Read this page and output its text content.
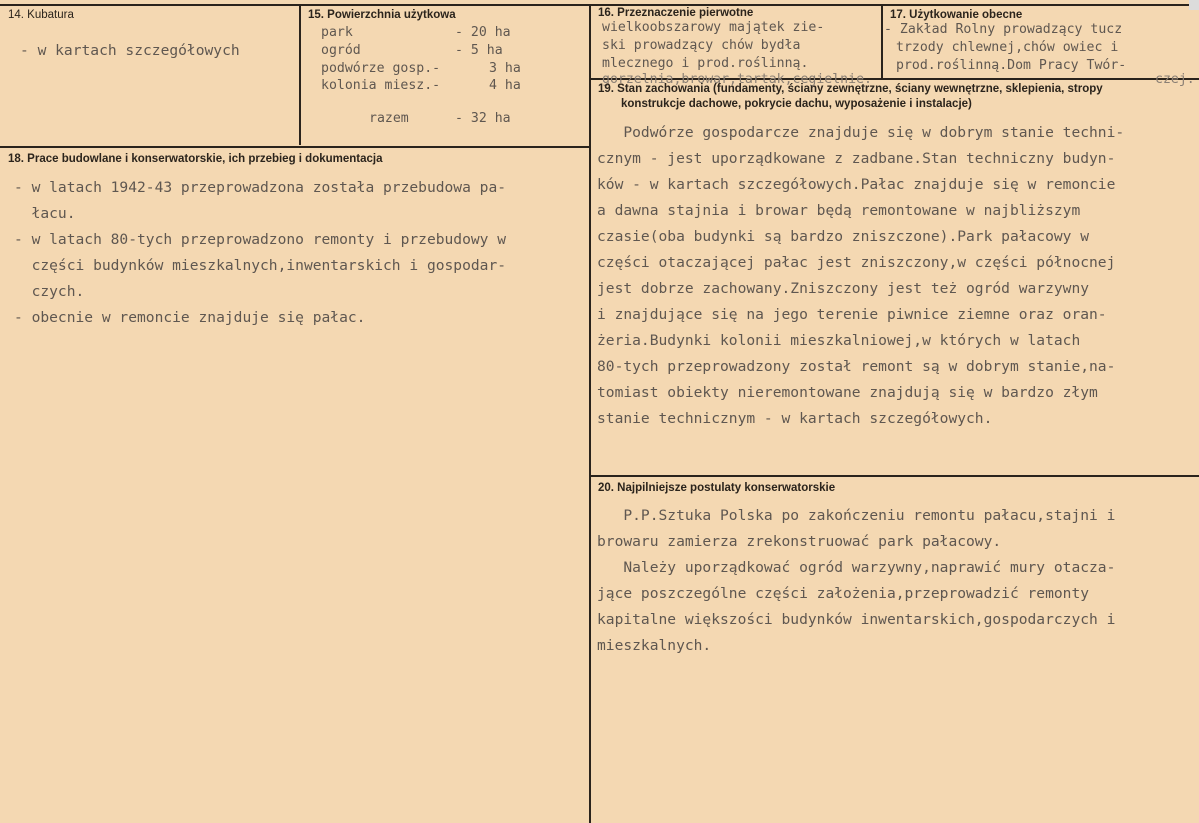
14. Kubatura
- w kartach szczegółowych
15. Powierzchnia użytkowa
park	- 20 ha
ogród	- 5 ha
podwórze gosp.-	3 ha
kolonia miesz.-	4 ha
razem	- 32 ha
16. Przeznaczenie pierwotne
wielkoobszarowy majątek zie-
ski prowadzący chów bydła
mlecznego i prod.roślinną.
gorzelnia,browar,tartak,cegielnie.
17. Użytkowanie obecne
- Zakład Rolny prowadzący tucz
trzody chlewnej,chów owiec i
prod.roślinną.Dom Pracy Twór-
czej.
18. Prace budowlane i konserwatorskie, ich przebieg i dokumentacja
- w latach 1942-43 przeprowadzona została przebudowa pa-
łacu.
- w latach 80-tych przeprowadzono remonty i przebudowy w
części budynków mieszkalnych,inwentarskich i gospodar-
czych.
- obecnie w remoncie znajduje się pałac.
19. Stan zachowania (fundamenty, ściany zewnętrzne, ściany wewnętrzne, sklepienia, stropy
konstrukcje dachowe, pokrycie dachu, wyposażenie i instalacje)
Podwórze gospodarcze znajduje się w dobrym stanie techni-
cznym - jest uporządkowane z zadbane.Stan techniczny budyn-
ków - w kartach szczegółowych.Pałac znajduje się w remoncie
a dawna stajnia i browar będą remontowane w najbliższym
czasie(oba budynki są bardzo zniszczone).Park pałacowy w
części otaczającej pałac jest zniszczony,w części północnej
jest dobrze zachowany.Zniszczony jest też ogród warzywny
i znajdujące się na jego terenie piwnice ziemne oraz oran-
żeria.Budynki kolonii mieszkalniowej,w których w latach
80-tych przeprowadzony został remont są w dobrym stanie,na-
tomiast obiekty nieremontowane znajdują się w bardzo złym
stanie technicznym - w kartach szczegółowych.
20. Najpilniejsze postulaty konserwatorskie
P.P.Sztuka Polska po zakończeniu remontu pałacu,stajni i
browaru zamierza zrekonstruować park pałacowy.
Należy uporządkować ogród warzywny,naprawić mury otacza-
jące poszczególne części założenia,przeprowadzić remonty
kapitalne większości budynków inwentarskich,gospodarczych i
mieszkalnych.
